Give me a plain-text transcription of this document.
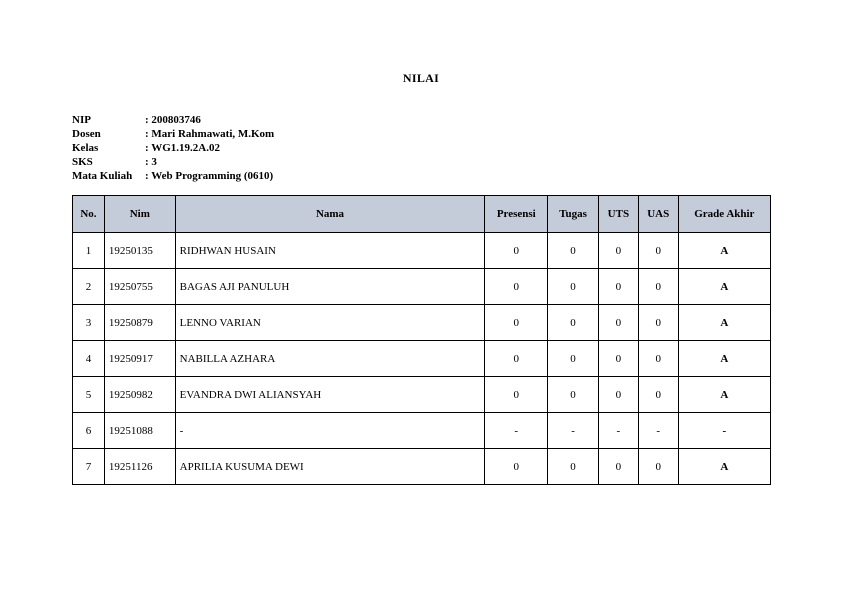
NILAI
NIP	: 200803746
Dosen	: Mari Rahmawati, M.Kom
Kelas	: WG1.19.2A.02
SKS	: 3
Mata Kuliah	: Web Programming (0610)
No.	Nim	Nama	Presensi	Tugas	UTS	UAS	Grade Akhir
1	19250135	RIDHWAN HUSAIN	0	0	0	0	A
2	19250755	BAGAS AJI PANULUH	0	0	0	0	A
3	19250879	LENNO VARIAN	0	0	0	0	A
4	19250917	NABILLA AZHARA	0	0	0	0	A
5	19250982	EVANDRA DWI ALIANSYAH	0	0	0	0	A
6	19251088	-	-	-	-	-	-
7	19251126	APRILIA KUSUMA DEWI	0	0	0	0	A
